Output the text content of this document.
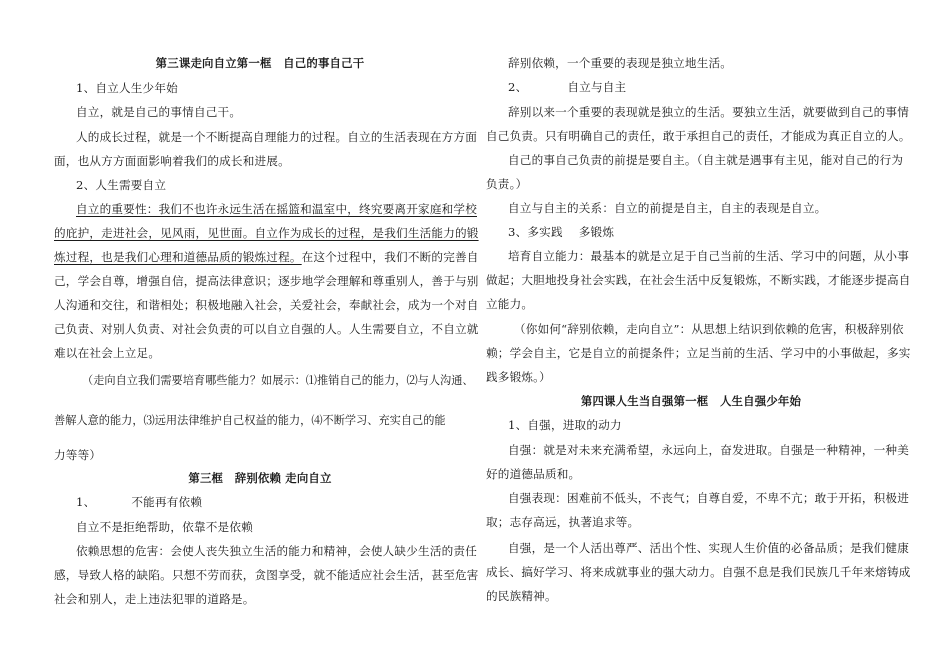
第三课走向自立第一框　自己的事自己干
1、自立人生少年始
自立，就是自己的事情自己干。
人的成长过程，就是一个不断提高自理能力的过程。自立的生活表现在方方面
面，也从方方面面影响着我们的成长和进展。
2、人生需要自立
自立的重要性：我们不也许永远生活在摇篮和温室中，终究要离开家庭和学校
的庇护，走进社会，见风雨，见世面。自立作为成长的过程，是我们生活能力的锻
炼过程，也是我们心理和道德品质的锻炼过程。在这个过程中，我们不断的完善自
己，学会自尊，增强自信，提高法律意识；逐步地学会理解和尊重别人，善于与别
人沟通和交往，和谐相处；积极地融入社会，关爱社会，奉献社会，成为一个对自
己负责、对别人负责、对社会负责的可以自立自强的人。人生需要自立，不自立就
难以在社会上立足。
（走向自立我们需要培育哪些能力？如展示：⑴推销自己的能力，⑵与人沟通、
善解人意的能力，⑶远用法律维护自己权益的能力，⑷不断学习、充实自己的能
力等等）
第三框　辞别依赖 走向自立
1、	不能再有依赖
自立不是拒绝帮助，依靠不是依赖
依赖思想的危害：会使人丧失独立生活的能力和精神，会使人缺少生活的责任
感，导致人格的缺陷。只想不劳而获，贪图享受，就不能适应社会生活，甚至危害
社会和别人，走上违法犯罪的道路是。
辞别依赖，一个重要的表现是独立地生活。
2、	自立与自主
辞别以来一个重要的表现就是独立的生活。要独立生活，就要做到自己的事情
自己负责。只有明确自己的责任，敢于承担自己的责任，才能成为真正自立的人。
自己的事自己负责的前提是要自主。（自主就是遇事有主见，能对自己的行为
负责。）
自立与自主的关系：自立的前提是自主，自主的表现是自立。
3、多实践 多锻炼
培育自立能力：最基本的就是立足于自己当前的生活、学习中的问题，从小事
做起；大胆地投身社会实践，在社会生活中反复锻炼，不断实践，才能逐步提高自
立能力。
（你如何“辞别依赖，走向自立”：从思想上结识到依赖的危害，积极辞别依
赖；学会自主，它是自立的前提条件；立足当前的生活、学习中的小事做起，多实
践多锻炼。）
第四课人生当自强第一框　人生自强少年始
1、自强，进取的动力
自强：就是对未来充满希望，永远向上，奋发进取。自强是一种精神，一种美
好的道德品质和。
自强表现：困难前不低头，不丧气；自尊自爱，不卑不亢；敢于开拓，积极进
取；志存高远，执著追求等。
自强，是一个人活出尊严、活出个性、实现人生价值的必备品质；是我们健康
成长、搞好学习、将来成就事业的强大动力。自强不息是我们民族几千年来熔铸成
的民族精神。
